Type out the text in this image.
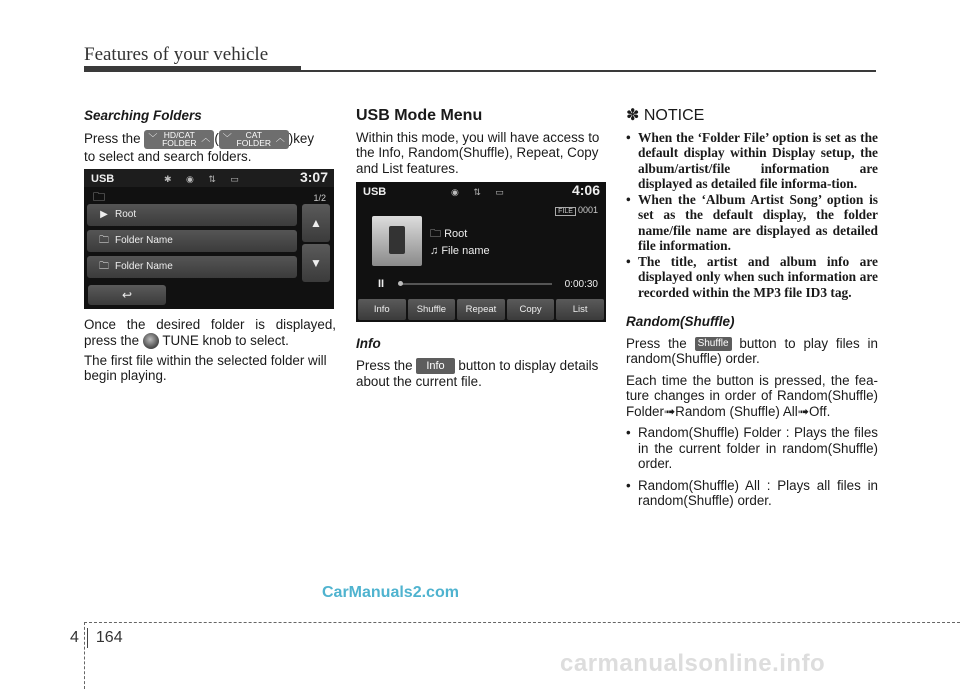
Features of your vehicle

Searching Folders

Press the ﹀ HD/CAT FOLDER ︿ ( ﹀ CAT FOLDER ︿ )key
to select and search folders.

USB	✱ ◉ ⇅ ▭	3:07
🗀	1/2
▶ Root
🗀 Folder Name
🗀 Folder Name
▲
▼
↩

Once the desired folder is displayed, press the TUNE knob to select.

The first file within the selected folder will begin playing.

USB Mode Menu

Within this mode, you will have access to the Info, Random(Shuffle), Repeat, Copy and List features.

USB	◉ ⇅ ▭	4:06
FILE 0001
🗀 Root
♫ File name
II	0:00:30
Info	Shuffle	Repeat	Copy	List

Info

Press the Info button to display details about the current file.

✽ NOTICE

• When the ‘Folder File’ option is set as the default display within Display setup, the album/artist/file information are displayed as detailed file informa-tion.
• When the ‘Album Artist Song’ option is set as the default display, the folder name/file name are displayed as detailed file information.
• The title, artist and album info are displayed only when such information are recorded within the MP3 file ID3 tag.

Random(Shuffle)

Press the Shuffle button to play files in random(Shuffle) order.

Each time the button is pressed, the fea-ture changes in order of Random(Shuffle) Folder➟Random (Shuffle) All➟Off.

• Random(Shuffle) Folder : Plays the files in the current folder in random(Shuffle) order.
• Random(Shuffle) All : Plays all files in random(Shuffle) order.
CarManuals2.com
4 164
carmanualsonline.info
